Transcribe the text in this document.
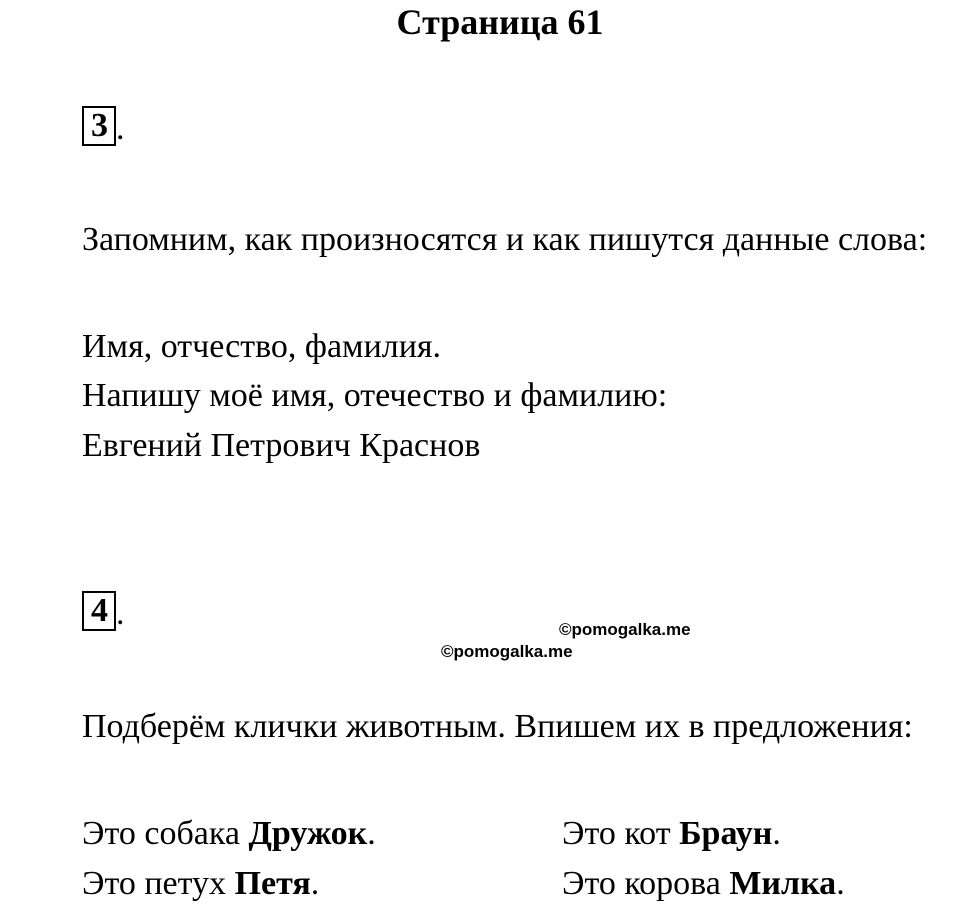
Страница 61
3 .
Запомним, как произносятся и как пишутся данные слова:
Имя, отчество, фамилия.
Напишу моё имя, отечество и фамилию:
Евгений Петрович Краснов
4 .	©pomogalka.me
©pomogalka.me
Подберём клички животным. Впишем их в предложения:
Это собака Дружок.	Это кот Браун.
Это петух Петя.	Это корова Милка.
